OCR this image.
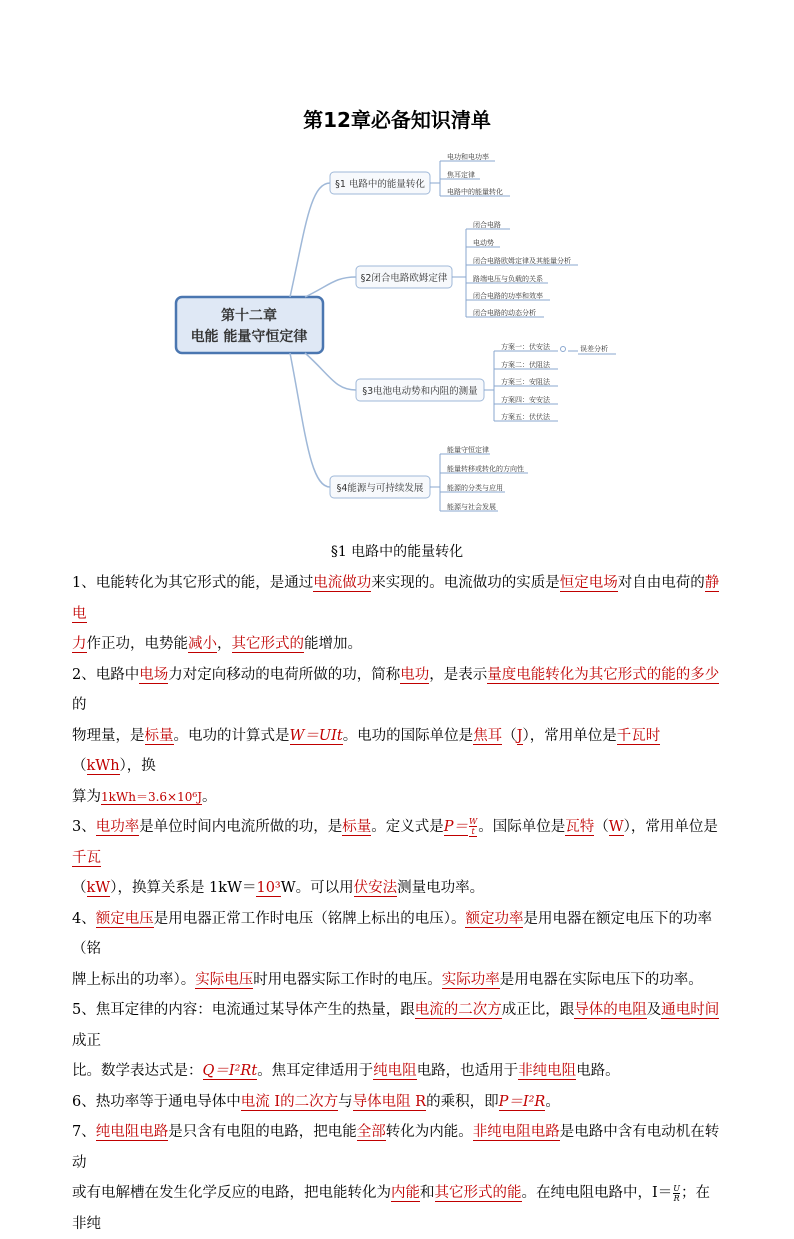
第12章必备知识清单
第十二章
电能 能量守恒定律
§1 电路中的能量转化
§2闭合电路欧姆定律
§3电池电动势和内阻的测量
§4能源与可持续发展
电功和电功率
焦耳定律
电路中的能量转化
闭合电路
电动势
闭合电路欧姆定律及其能量分析
路端电压与负载的关系
闭合电路的功率和效率
闭合电路的动态分析
方案一：伏安法
方案二：伏阻法
方案三：安阻法
方案四：安安法
方案五：伏伏法
误差分析
能量守恒定律
能量转移或转化的方向性
能源的分类与应用
能源与社会发展
§1 电路中的能量转化

1、电能转化为其它形式的能，是通过电流做功来实现的。电流做功的实质是恒定电场对自由电荷的静电
力作正功，电势能减小，其它形式的能增加。

2、电路中电场力对定向移动的电荷所做的功，简称电功，是表示量度电能转化为其它形式的能的多少的
物理量，是标量。电功的计算式是W＝UIt。电功的国际单位是焦耳（J），常用单位是千瓦时（kWh），换
算为1kWh＝3.6×10⁶J。

3、电功率是单位时间内电流所做的功，是标量。定义式是$P= \frac{W}{t}$ 。国际单位是瓦特（W），常用单位是千瓦
（kW），换算关系是 1kW＝10³W。可以用伏安法测量电功率。

4、额定电压是用电器正常工作时电压（铭牌上标出的电压）。额定功率是用电器在额定电压下的功率（铭
牌上标出的功率）。实际电压时用电器实际工作时的电压。实际功率是用电器在实际电压下的功率。

5、焦耳定律的内容：电流通过某导体产生的热量，跟电流的二次方成正比，跟导体的电阻及通电时间成正
比。数学表达式是：Q＝I²Rt。焦耳定律适用于纯电阻电路，也适用于非纯电阻电路。

6、热功率等于通电导体中电流 I的二次方与导体电阻 R的乘积，即P＝I²R。

7、纯电阻电路是只含有电阻的电路，把电能全部转化为内能。非纯电阻电路是电路中含有电动机在转动
或有电解槽在发生化学反应的电路，把电能转化为内能和其它形式的能。在纯电阻电路中，$I= \frac{U}{R}$ ；在非纯
